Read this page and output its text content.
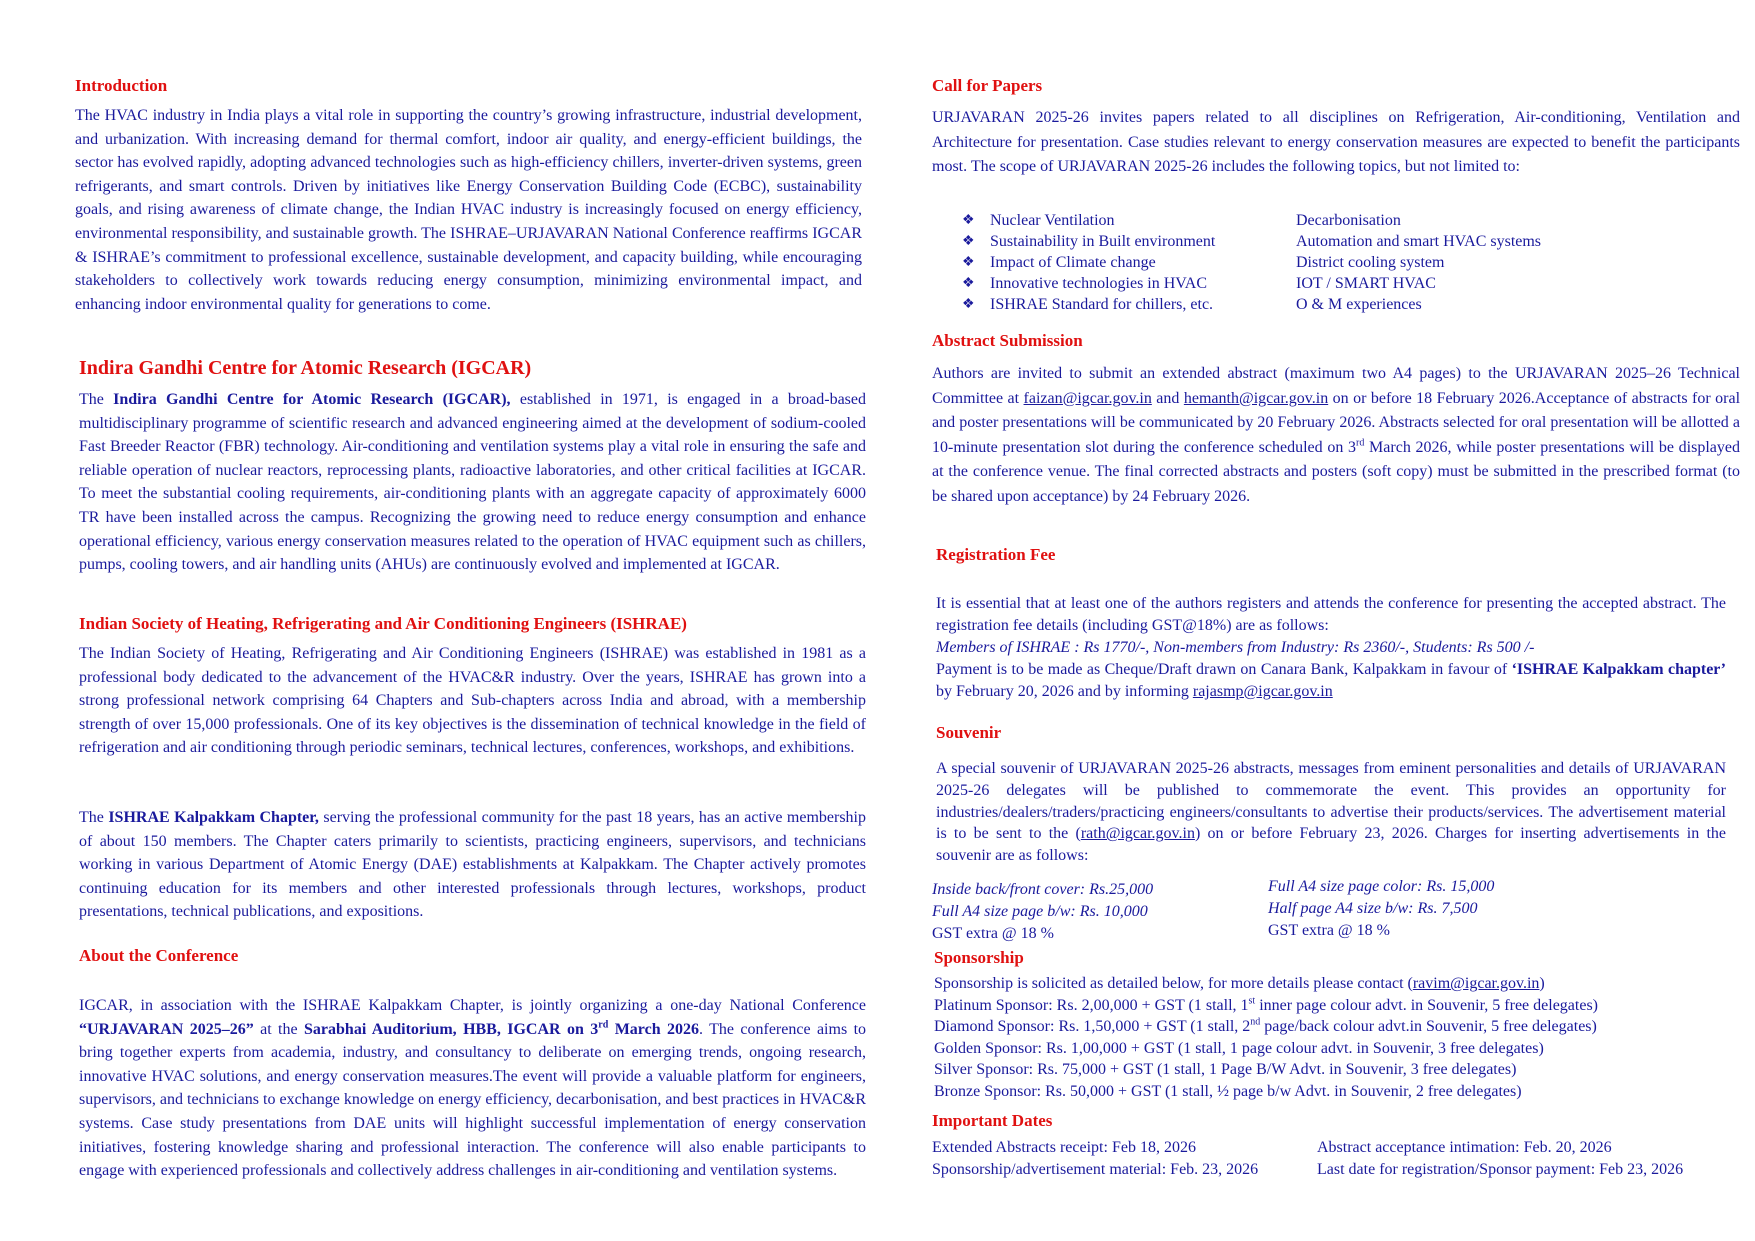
Introduction

The HVAC industry in India plays a vital role in supporting the country’s growing infrastructure, industrial development, and urbanization. With increasing demand for thermal comfort, indoor air quality, and energy-efficient buildings, the sector has evolved rapidly, adopting advanced technologies such as high-efficiency chillers, inverter-driven systems, green refrigerants, and smart controls. Driven by initiatives like Energy Conservation Building Code (ECBC), sustainability goals, and rising awareness of climate change, the Indian HVAC industry is increasingly focused on energy efficiency, environmental responsibility, and sustainable growth. The ISHRAE–URJAVARAN National Conference reaffirms IGCAR & ISHRAE’s commitment to professional excellence, sustainable development, and capacity building, while encouraging stakeholders to collectively work towards reducing energy consumption, minimizing environmental impact, and enhancing indoor environmental quality for generations to come.

Indira Gandhi Centre for Atomic Research (IGCAR)

The Indira Gandhi Centre for Atomic Research (IGCAR), established in 1971, is engaged in a broad-based multidisciplinary programme of scientific research and advanced engineering aimed at the development of sodium-cooled Fast Breeder Reactor (FBR) technology. Air-conditioning and ventilation systems play a vital role in ensuring the safe and reliable operation of nuclear reactors, reprocessing plants, radioactive laboratories, and other critical facilities at IGCAR. To meet the substantial cooling requirements, air-conditioning plants with an aggregate capacity of approximately 6000 TR have been installed across the campus. Recognizing the growing need to reduce energy consumption and enhance operational efficiency, various energy conservation measures related to the operation of HVAC equipment such as chillers, pumps, cooling towers, and air handling units (AHUs) are continuously evolved and implemented at IGCAR.

Indian Society of Heating, Refrigerating and Air Conditioning Engineers (ISHRAE)

The Indian Society of Heating, Refrigerating and Air Conditioning Engineers (ISHRAE) was established in 1981 as a professional body dedicated to the advancement of the HVAC&R industry. Over the years, ISHRAE has grown into a strong professional network comprising 64 Chapters and Sub-chapters across India and abroad, with a membership strength of over 15,000 professionals. One of its key objectives is the dissemination of technical knowledge in the field of refrigeration and air conditioning through periodic seminars, technical lectures, conferences, workshops, and exhibitions.

The ISHRAE Kalpakkam Chapter, serving the professional community for the past 18 years, has an active membership of about 150 members. The Chapter caters primarily to scientists, practicing engineers, supervisors, and technicians working in various Department of Atomic Energy (DAE) establishments at Kalpakkam. The Chapter actively promotes continuing education for its members and other interested professionals through lectures, workshops, product presentations, technical publications, and expositions.

About the Conference

IGCAR, in association with the ISHRAE Kalpakkam Chapter, is jointly organizing a one-day National Conference “URJAVARAN 2025–26” at the Sarabhai Auditorium, HBB, IGCAR on 3rd March 2026. The conference aims to bring together experts from academia, industry, and consultancy to deliberate on emerging trends, ongoing research, innovative HVAC solutions, and energy conservation measures.The event will provide a valuable platform for engineers, supervisors, and technicians to exchange knowledge on energy efficiency, decarbonisation, and best practices in HVAC&R systems. Case study presentations from DAE units will highlight successful implementation of energy conservation initiatives, fostering knowledge sharing and professional interaction. The conference will also enable participants to engage with experienced professionals and collectively address challenges in air-conditioning and ventilation systems.

Call for Papers

URJAVARAN 2025-26 invites papers related to all disciplines on Refrigeration, Air-conditioning, Ventilation and Architecture for presentation. Case studies relevant to energy conservation measures are expected to benefit the participants most. The scope of URJAVARAN 2025-26 includes the following topics, but not limited to:

❖ Nuclear Ventilation	Decarbonisation
❖ Sustainability in Built environment	Automation and smart HVAC systems
❖ Impact of Climate change	District cooling system
❖ Innovative technologies in HVAC	IOT / SMART HVAC
❖ ISHRAE Standard for chillers, etc.	O & M experiences
Abstract Submission

Authors are invited to submit an extended abstract (maximum two A4 pages) to the URJAVARAN 2025–26 Technical Committee at faizan@igcar.gov.in and hemanth@igcar.gov.in on or before 18 February 2026.Acceptance of abstracts for oral and poster presentations will be communicated by 20 February 2026. Abstracts selected for oral presentation will be allotted a 10-minute presentation slot during the conference scheduled on 3rd March 2026, while poster presentations will be displayed at the conference venue. The final corrected abstracts and posters (soft copy) must be submitted in the prescribed format (to be shared upon acceptance) by 24 February 2026.

Registration Fee

It is essential that at least one of the authors registers and attends the conference for presenting the accepted abstract. The registration fee details (including GST@18%) are as follows:
Members of ISHRAE : Rs 1770/-, Non-members from Industry: Rs 2360/-, Students: Rs 500 /-
Payment is to be made as Cheque/Draft drawn on Canara Bank, Kalpakkam in favour of ‘ISHRAE Kalpakkam chapter’ by February 20, 2026 and by informing rajasmp@igcar.gov.in

Souvenir

A special souvenir of URJAVARAN 2025-26 abstracts, messages from eminent personalities and details of URJAVARAN 2025-26 delegates will be published to commemorate the event. This provides an opportunity for industries/dealers/traders/practicing engineers/consultants to advertise their products/services. The advertisement material is to be sent to the (rath@igcar.gov.in) on or before February 23, 2026. Charges for inserting advertisements in the souvenir are as follows:

Inside back/front cover: Rs.25,000
Full A4 size page b/w: Rs. 10,000
GST extra @ 18 %
Full A4 size page color: Rs. 15,000
Half page A4 size b/w: Rs. 7,500
GST extra @ 18 %
Sponsorship
Sponsorship is solicited as detailed below, for more details please contact (ravim@igcar.gov.in)
Platinum Sponsor: Rs. 2,00,000 + GST (1 stall, 1st inner page colour advt. in Souvenir, 5 free delegates)
Diamond Sponsor: Rs. 1,50,000 + GST (1 stall, 2nd page/back colour advt.in Souvenir, 5 free delegates)
Golden Sponsor: Rs. 1,00,000 + GST (1 stall, 1 page colour advt. in Souvenir, 3 free delegates)
Silver Sponsor: Rs. 75,000 + GST (1 stall, 1 Page B/W Advt. in Souvenir, 3 free delegates)
Bronze Sponsor: Rs. 50,000 + GST (1 stall, ½ page b/w Advt. in Souvenir, 2 free delegates)
Important Dates
Extended Abstracts receipt: Feb 18, 2026	Abstract acceptance intimation: Feb. 20, 2026
Sponsorship/advertisement material: Feb. 23, 2026	Last date for registration/Sponsor payment: Feb 23, 2026
